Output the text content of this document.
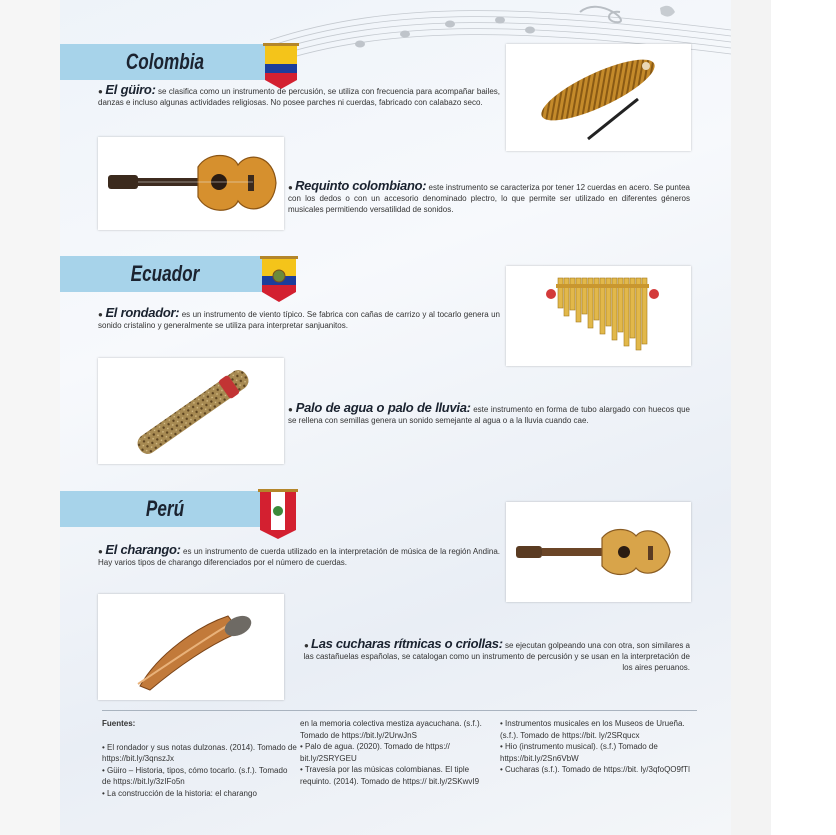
Colombia
● El güiro: se clasifica como un instrumento de percusión, se utiliza con frecuencia para acompañar bailes, danzas e incluso algunas actividades religiosas. No posee parches ni cuerdas, fabricado con calabazo seco.
● Requinto colombiano: este instrumento se caracteriza por tener 12 cuerdas en acero. Se puntea con los dedos o con un accesorio denominado plectro, lo que permite ser utilizado en diferentes géneros musicales permitiendo versatilidad de sonidos.
Ecuador
● El rondador: es un instrumento de viento típico. Se fabrica con cañas de carrizo y al tocarlo genera un sonido cristalino y generalmente se utiliza para interpretar sanjuanitos.
● Palo de agua o palo de lluvia: este instrumento en forma de tubo alargado con huecos que se rellena con semillas genera un sonido semejante al agua o a la lluvia cuando cae.
Perú
● El charango: es un instrumento de cuerda utilizado en la interpretación de música de la región Andina. Hay varios tipos de charango diferenciados por el número de cuerdas.
● Las cucharas rítmicas o criollas: se ejecutan golpeando una con otra, son similares a las castañuelas españolas, se catalogan como un instrumento de percusión y se usan en la interpretación de los aires peruanos.

Fuentes:

• El rondador y sus notas dulzonas. (2014). Tomado de https://bit.ly/3qnszJx

• Güiro – Historia, tipos, cómo tocarlo. (s.f.). Tomado de https://bit.ly/3zIFo5n

• La construcción de la historia: el charango

en la memoria colectiva mestiza ayacuchana. (s.f.). Tomado de https://bit.ly/2UrwJnS

• Palo de agua. (2020). Tomado de https:// bit.ly/2SRYGEU

• Travesía por las músicas colombianas. El tiple requinto. (2014). Tomado de https:// bit.ly/2SKwvI9

• Instrumentos musicales en los Museos de Urueña. (s.f.). Tomado de https://bit. ly/2SRqucx

• Hio (instrumento musical). (s.f.) Tomado de https://bit.ly/2Sn6VbW

• Cucharas (s.f.). Tomado de https://bit. ly/3qfoQO9fTl
